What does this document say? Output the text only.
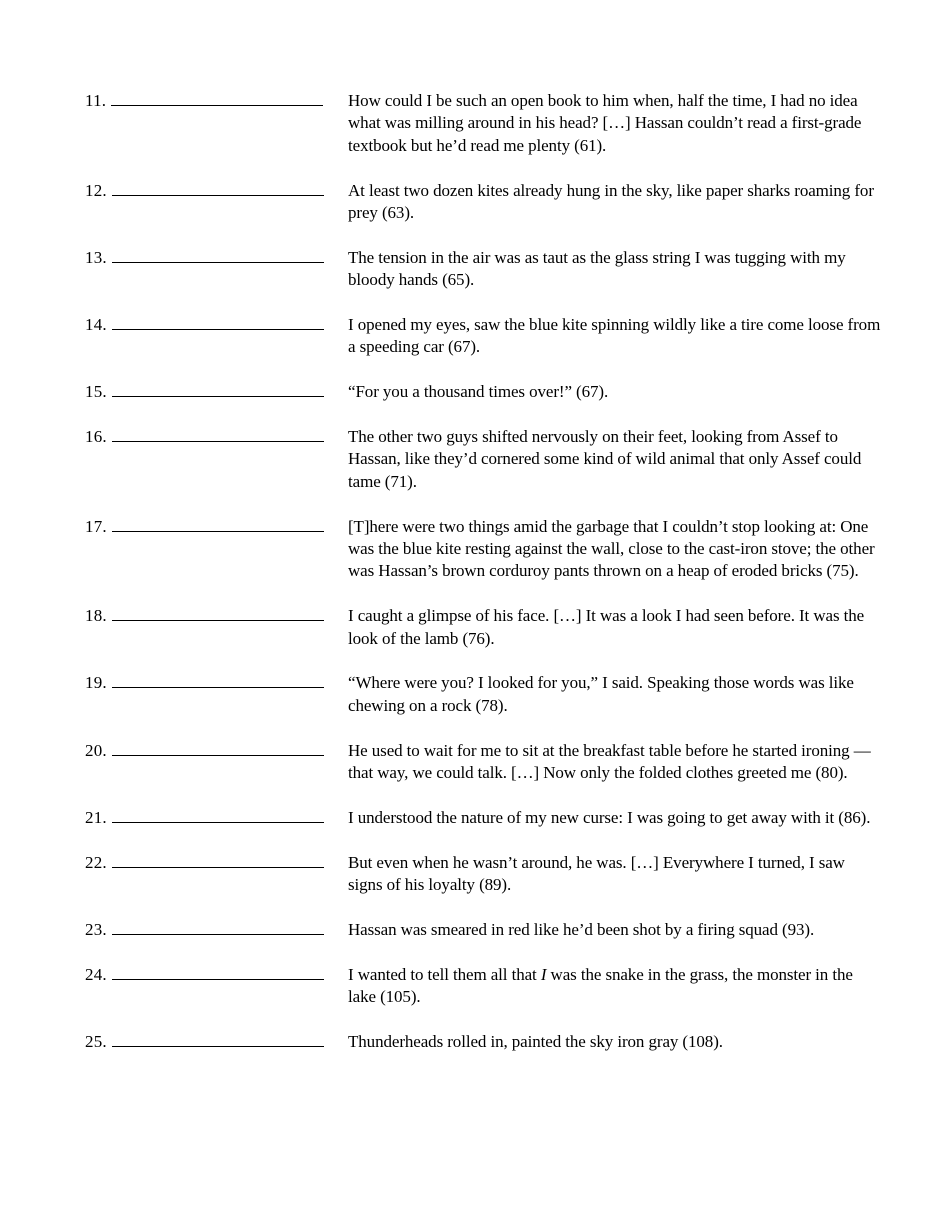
11.	How could I be such an open book to him when, half the time, I had no idea what was milling around in his head? […] Hassan couldn’t read a first-grade textbook but he’d read me plenty (61).
12.	At least two dozen kites already hung in the sky, like paper sharks roaming for prey (63).
13.	The tension in the air was as taut as the glass string I was tugging with my bloody hands (65).
14.	I opened my eyes, saw the blue kite spinning wildly like a tire come loose from a speeding car (67).
15.	“For you a thousand times over!” (67).
16.	The other two guys shifted nervously on their feet, looking from Assef to Hassan, like they’d cornered some kind of wild animal that only Assef could tame (71).
17.	[T]here were two things amid the garbage that I couldn’t stop looking at: One was the blue kite resting against the wall, close to the cast-iron stove; the other was Hassan’s brown corduroy pants thrown on a heap of eroded bricks (75).
18.	I caught a glimpse of his face. […] It was a look I had seen before. It was the look of the lamb (76).
19.	“Where were you? I looked for you,” I said. Speaking those words was like chewing on a rock (78).
20.	He used to wait for me to sit at the breakfast table before he started ironing — that way, we could talk. […] Now only the folded clothes greeted me (80).
21.	I understood the nature of my new curse: I was going to get away with it (86).
22.	But even when he wasn’t around, he was. […] Everywhere I turned, I saw signs of his loyalty (89).
23.	Hassan was smeared in red like he’d been shot by a firing squad (93).
24.	I wanted to tell them all that I was the snake in the grass, the monster in the lake (105).
25.	Thunderheads rolled in, painted the sky iron gray (108).
